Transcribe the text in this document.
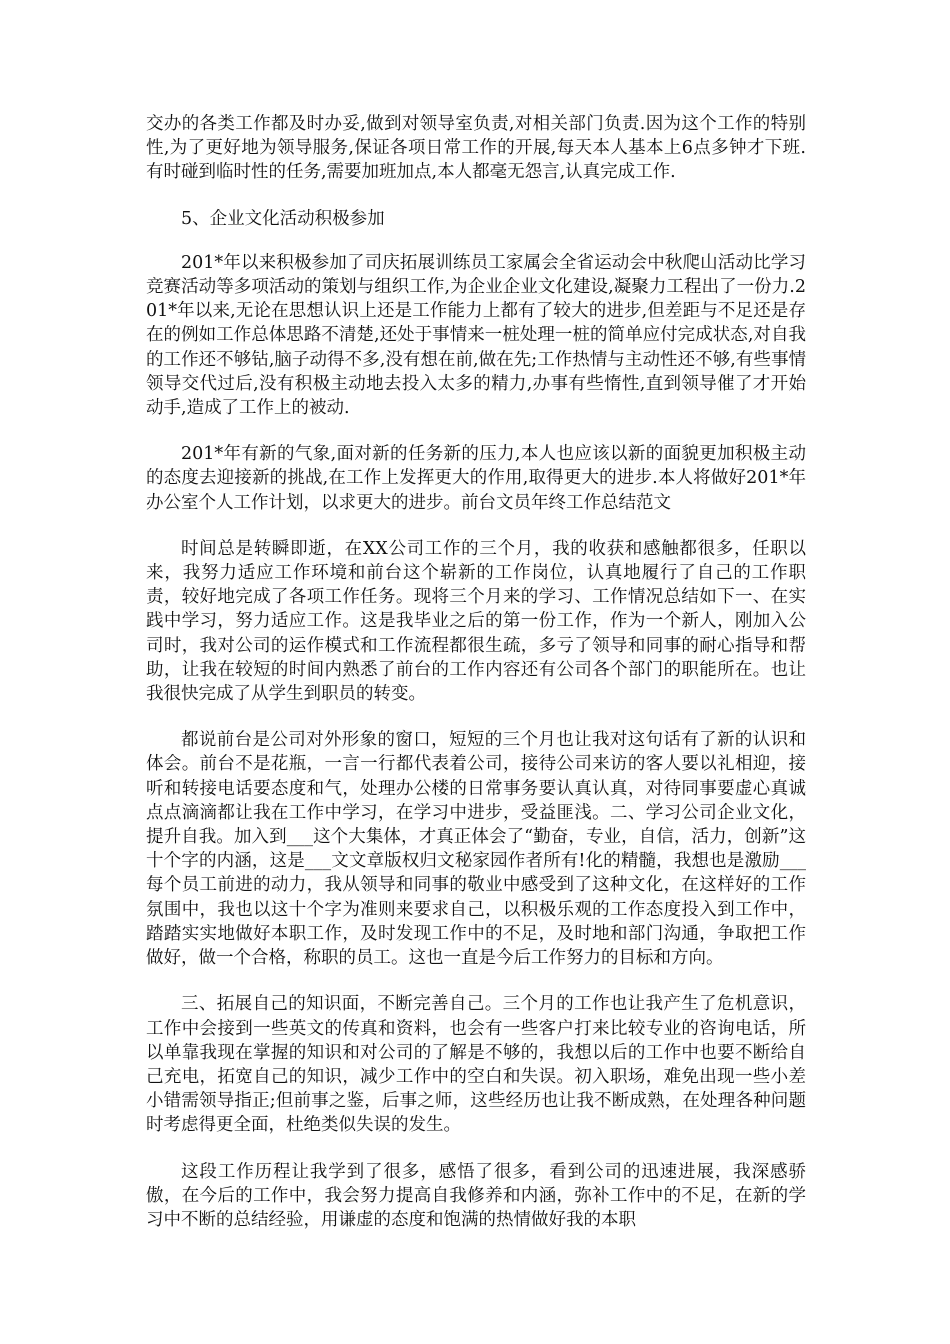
交办的各类工作都及时办妥,做到对领导室负责,对相关部门负责.因为这个工作的特别性,为了更好地为领导服务,保证各项日常工作的开展,每天本人基本上6点多钟才下班.有时碰到临时性的任务,需要加班加点,本人都毫无怨言,认真完成工作.

5、企业文化活动积极参加

201*年以来积极参加了司庆拓展训练员工家属会全省运动会中秋爬山活动比学习竞赛活动等多项活动的策划与组织工作,为企业企业文化建设,凝聚力工程出了一份力.201*年以来,无论在思想认识上还是工作能力上都有了较大的进步,但差距与不足还是存在的例如工作总体思路不清楚,还处于事情来一桩处理一桩的简单应付完成状态,对自我的工作还不够钻,脑子动得不多,没有想在前,做在先;工作热情与主动性还不够,有些事情领导交代过后,没有积极主动地去投入太多的精力,办事有些惰性,直到领导催了才开始动手,造成了工作上的被动.

201*年有新的气象,面对新的任务新的压力,本人也应该以新的面貌更加积极主动的态度去迎接新的挑战,在工作上发挥更大的作用,取得更大的进步.本人将做好201*年办公室个人工作计划，以求更大的进步。前台文员年终工作总结范文

时间总是转瞬即逝，在XX公司工作的三个月，我的收获和感触都很多，任职以来，我努力适应工作环境和前台这个崭新的工作岗位，认真地履行了自己的工作职责，较好地完成了各项工作任务。现将三个月来的学习、工作情况总结如下一、在实践中学习，努力适应工作。这是我毕业之后的第一份工作，作为一个新人，刚加入公司时，我对公司的运作模式和工作流程都很生疏，多亏了领导和同事的耐心指导和帮助，让我在较短的时间内熟悉了前台的工作内容还有公司各个部门的职能所在。也让我很快完成了从学生到职员的转变。

都说前台是公司对外形象的窗口，短短的三个月也让我对这句话有了新的认识和体会。前台不是花瓶，一言一行都代表着公司，接待公司来访的客人要以礼相迎，接听和转接电话要态度和气，处理办公楼的日常事务要认真认真，对待同事要虚心真诚点点滴滴都让我在工作中学习，在学习中进步，受益匪浅。二、学习公司企业文化，提升自我。加入到___这个大集体，才真正体会了“勤奋，专业，自信，活力，创新”这十个字的内涵，这是___文文章版权归文秘家园作者所有!化的精髓，我想也是激励___每个员工前进的动力，我从领导和同事的敬业中感受到了这种文化，在这样好的工作氛围中，我也以这十个字为准则来要求自己，以积极乐观的工作态度投入到工作中，踏踏实实地做好本职工作，及时发现工作中的不足，及时地和部门沟通，争取把工作做好，做一个合格，称职的员工。这也一直是今后工作努力的目标和方向。

三、拓展自己的知识面，不断完善自己。三个月的工作也让我产生了危机意识，工作中会接到一些英文的传真和资料，也会有一些客户打来比较专业的咨询电话，所以单靠我现在掌握的知识和对公司的了解是不够的，我想以后的工作中也要不断给自己充电，拓宽自己的知识，减少工作中的空白和失误。初入职场，难免出现一些小差小错需领导指正;但前事之鉴，后事之师，这些经历也让我不断成熟，在处理各种问题时考虑得更全面，杜绝类似失误的发生。

这段工作历程让我学到了很多，感悟了很多，看到公司的迅速进展，我深感骄傲，在今后的工作中，我会努力提高自我修养和内涵，弥补工作中的不足，在新的学习中不断的总结经验，用谦虚的态度和饱满的热情做好我的本职
